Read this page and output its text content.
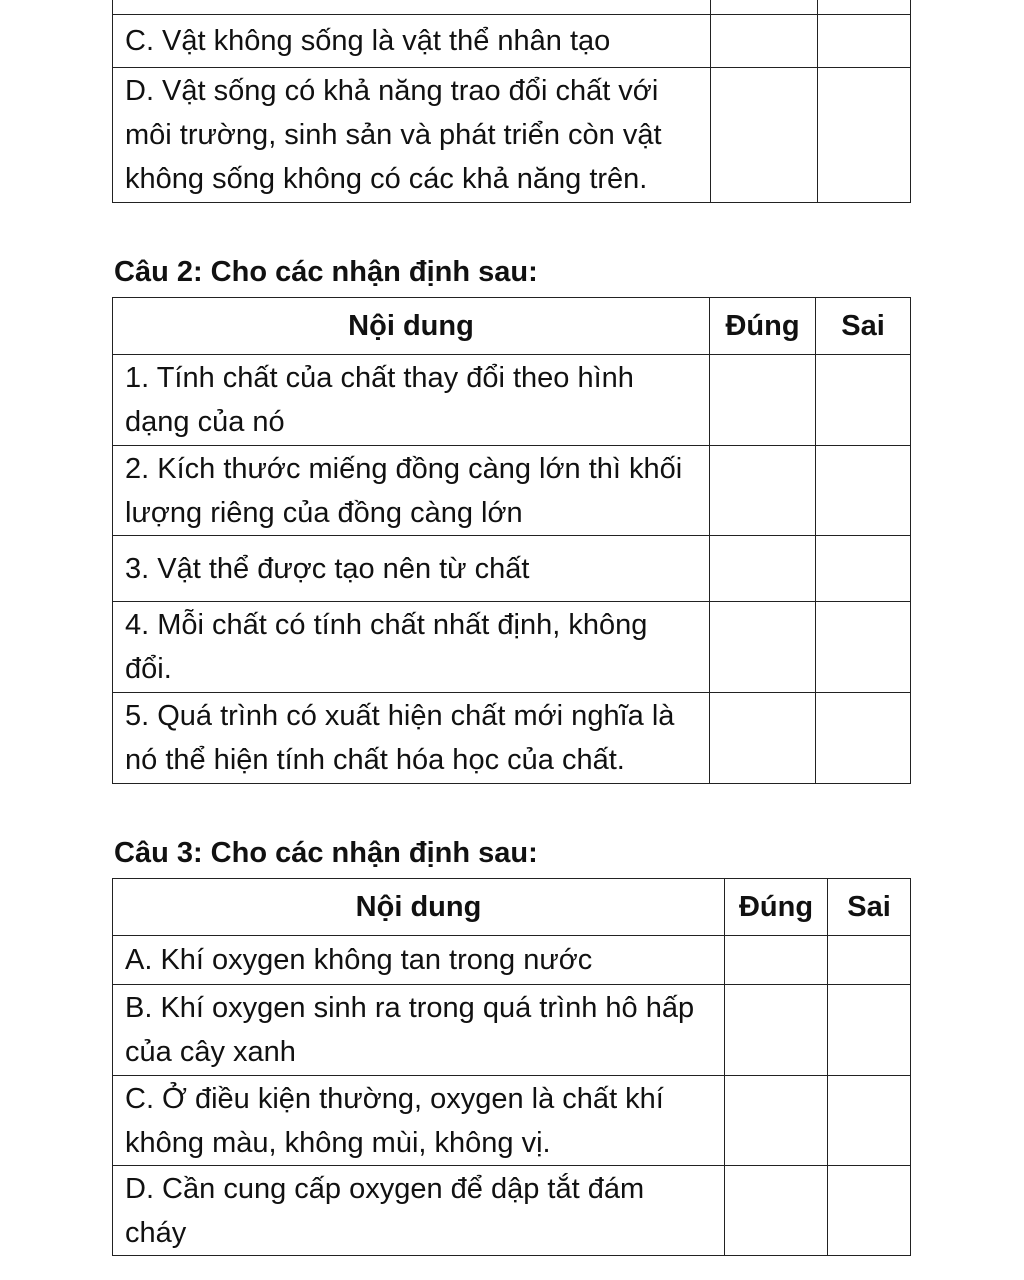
C. Vật không sống là vật thể nhân tạo		
D. Vật sống có khả năng trao đổi chất với môi trường, sinh sản và phát triển còn vật không sống không có các khả năng trên.		
Câu 2: Cho các nhận định sau:
Nội dung	Đúng	Sai
1. Tính chất của chất thay đổi theo hình dạng của nó		
2. Kích thước miếng đồng càng lớn thì khối lượng riêng của đồng càng lớn		
3. Vật thể được tạo nên từ chất		
4. Mỗi chất có tính chất nhất định, không đổi.		
5. Quá trình có xuất hiện chất mới nghĩa là nó thể hiện tính chất hóa học của chất.		
Câu 3: Cho các nhận định sau:
Nội dung	Đúng	Sai
A. Khí oxygen không tan trong nước		
B. Khí oxygen sinh ra trong quá trình hô hấp của cây xanh		
C. Ở điều kiện thường, oxygen là chất khí không màu, không mùi, không vị.		
D. Cần cung cấp oxygen để dập tắt đám cháy		
